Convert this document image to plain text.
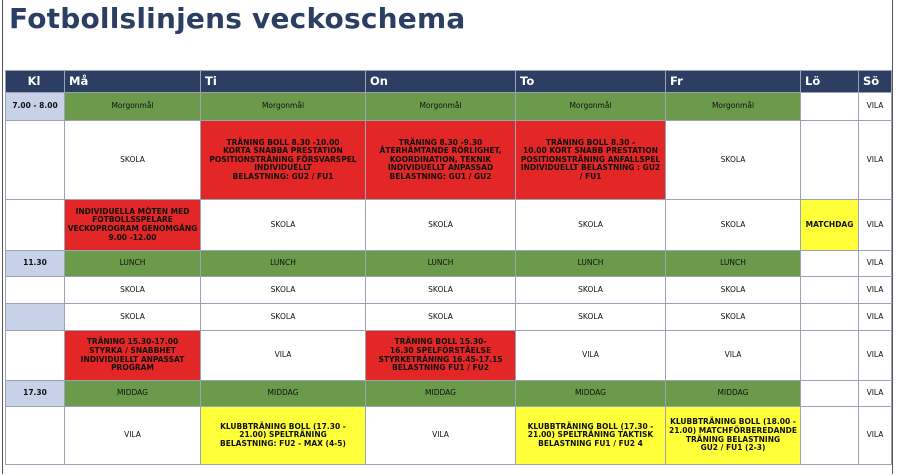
Fotbollslinjens veckoschema
Kl	Må	Ti	On	To	Fr	Lö	Sö
7.00 - 8.00	Morgonmål	Morgonmål	Morgonmål	Morgonmål	Morgonmål		VILA
	SKOLA	TRÄNING BOLL 8.30 -10.00
KORTA SNABBA PRESTATION
POSITIONSTRÄNING FÖRSVARSPEL
INDIVIDUELLT
BELASTNING: GU2 / FU1	TRÄNING 8.30 -9.30
ÅTERHÄMTANDE RÖRLIGHET,
KOORDINATION, TEKNIK
INDIVIDUELLT ANPASSAD
BELASTNING: GU1 / GU2	TRÄNING BOLL 8.30 -
10.00 KORT SNABB PRESTATION
POSITIONSTRÄNING ANFALLSPEL
INDIVIDUELLT BELASTNING : GU2
/ FU1	SKOLA		VILA
	INDIVIDUELLA MÖTEN MED
FOTBOLLSSPELARE
VECKOPROGRAM GENOMGÅNG
9.00 -12.00	SKOLA	SKOLA	SKOLA	SKOLA	MATCHDAG	VILA
11.30	LUNCH	LUNCH	LUNCH	LUNCH	LUNCH		VILA
	SKOLA	SKOLA	SKOLA	SKOLA	SKOLA		VILA
	SKOLA	SKOLA	SKOLA	SKOLA	SKOLA		VILA
	TRÄNING 15.30-17.00
STYRKA / SNABBHET
INDIVIDUELLT ANPASSAT
PROGRAM	VILA	TRÄNING BOLL 15.30-
16.30 SPELFÖRSTÅELSE
STYRKETRÄNING 16.45-17.15
BELASTNING FU1 / FU2	VILA	VILA		VILA
17.30	MIDDAG	MIDDAG	MIDDAG	MIDDAG	MIDDAG		VILA
	VILA	KLUBBTRÄNING BOLL (17.30 -
21.00) SPELTRÄNING
BELASTNING: FU2 - MAX (4-5)	VILA	KLUBBTRÄNING BOLL (17.30 -
21.00) SPELTRÄNING TAKTISK
BELASTNING FU1 / FU2 4	KLUBBTRÄNING BOLL (18.00 -
21.00) MATCHFÖRBEREDANDE
TRÄNING BELASTNING
GU2 / FU1 (2-3)		VILA
